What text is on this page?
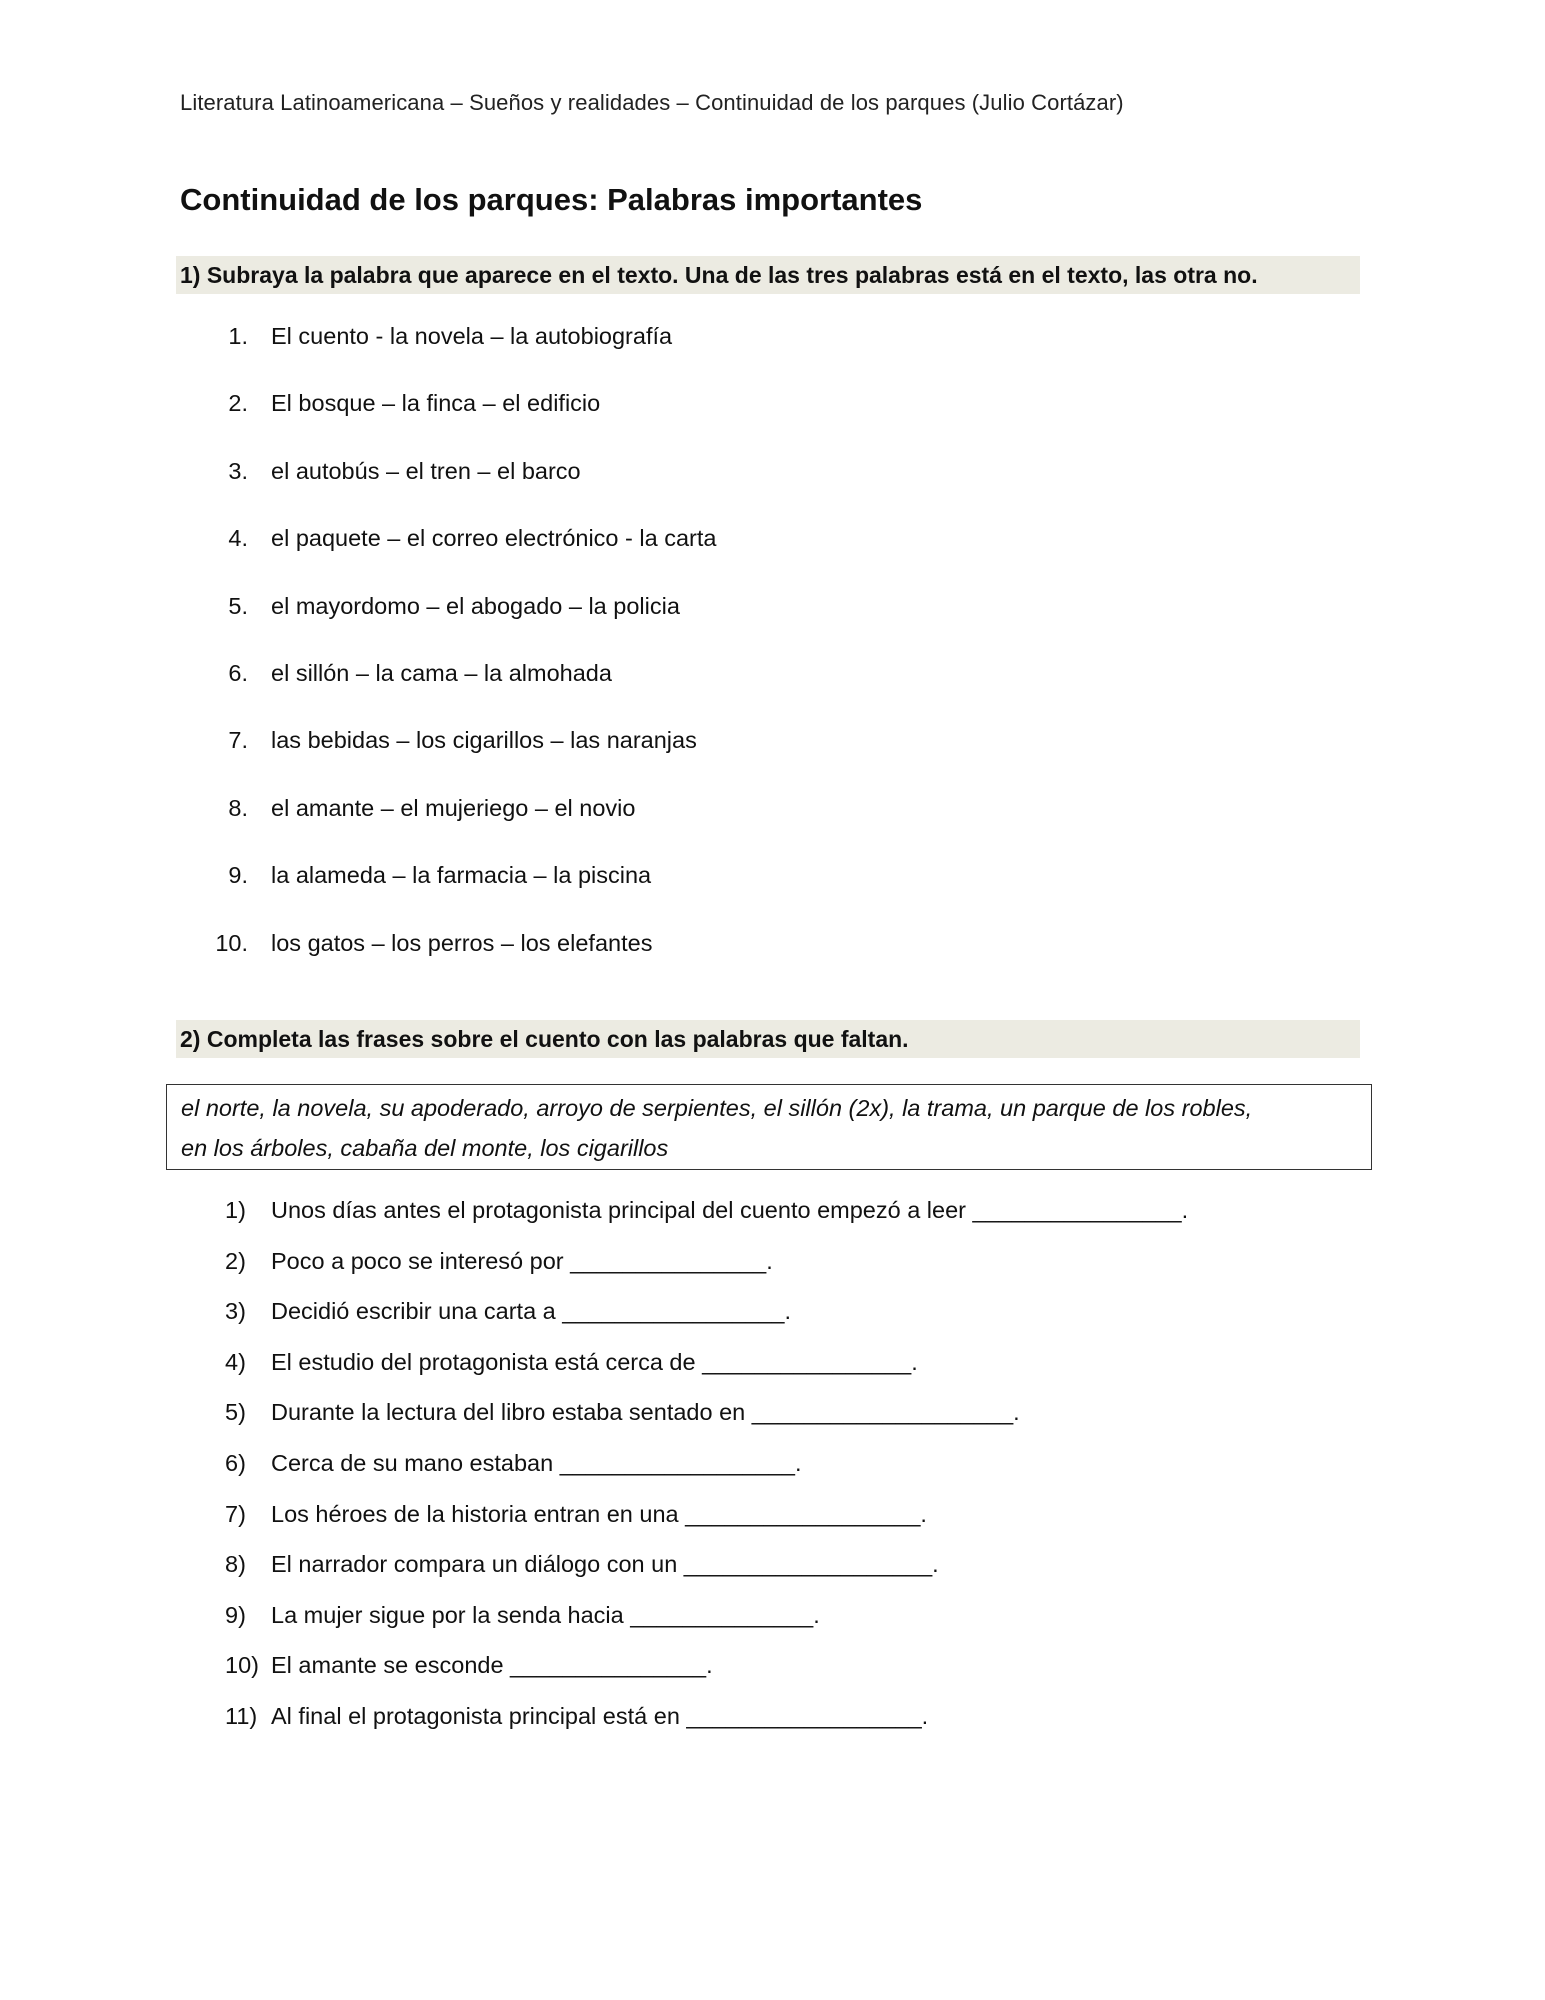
Literatura Latinoamericana – Sueños y realidades – Continuidad de los parques (Julio Cortázar)
Continuidad de los parques: Palabras importantes
1) Subraya la palabra que aparece en el texto. Una de las tres palabras está en el texto, las otra no.
1. El cuento - la novela – la autobiografía
2. El bosque – la finca – el edificio
3. el autobús – el tren – el barco
4. el paquete – el correo electrónico - la carta
5. el mayordomo – el abogado – la policia
6. el sillón – la cama – la almohada
7. las bebidas – los cigarillos – las naranjas
8. el amante – el mujeriego – el novio
9. la alameda – la farmacia – la piscina
10. los gatos – los perros – los elefantes
2) Completa las frases sobre el cuento con las palabras que faltan.
el norte, la novela, su apoderado, arroyo de serpientes, el sillón (2x), la trama, un parque de los robles,
en los árboles, cabaña del monte, los cigarillos
1) Unos días antes el protagonista principal del cuento empezó a leer ________________.
2) Poco a poco se interesó por _______________.
3) Decidió escribir una carta a _________________.
4) El estudio del protagonista está cerca de ________________.
5) Durante la lectura del libro estaba sentado en ____________________.
6) Cerca de su mano estaban __________________.
7) Los héroes de la historia entran en una __________________.
8) El narrador compara un diálogo con un ___________________.
9) La mujer sigue por la senda hacia ______________.
10) El amante se esconde _______________.
11) Al final el protagonista principal está en __________________.
